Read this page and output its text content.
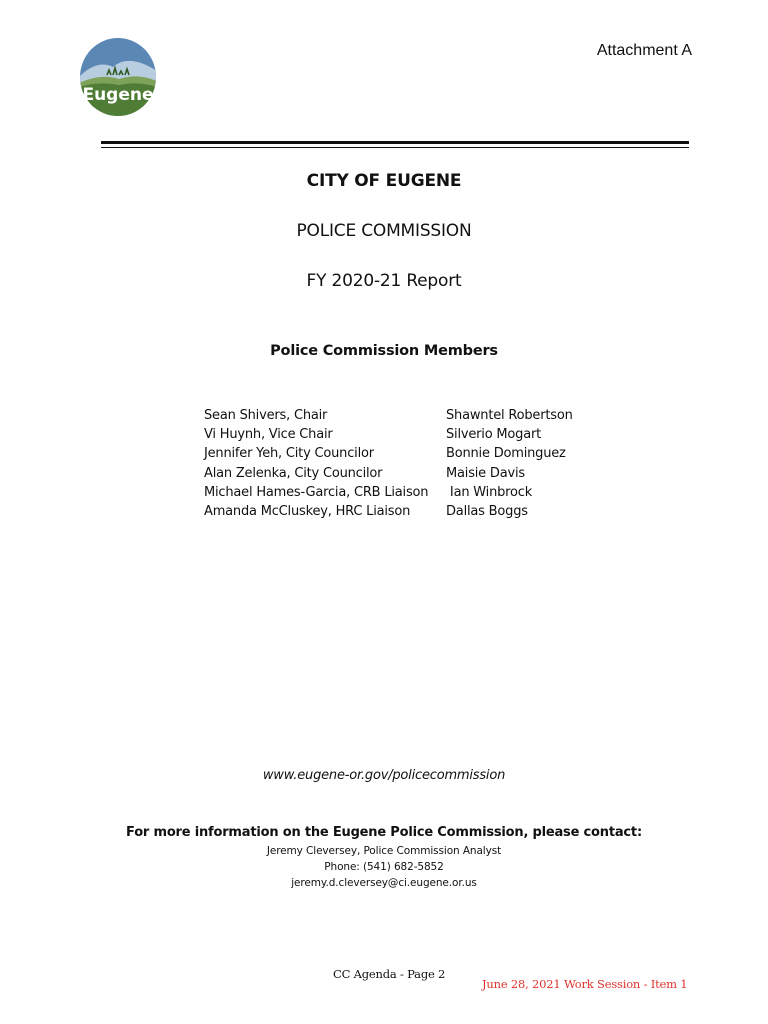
Eugene
Attachment A
CITY OF EUGENE
POLICE COMMISSION
FY 2020-21 Report
Police Commission Members
Sean Shivers, Chair
Vi Huynh, Vice Chair
Jennifer Yeh, City Councilor
Alan Zelenka, City Councilor
Michael Hames-Garcia, CRB Liaison
Amanda McCluskey, HRC Liaison
Shawntel Robertson
Silverio Mogart
Bonnie Dominguez
Maisie Davis
Ian Winbrock
Dallas Boggs
www.eugene-or.gov/policecommission
For more information on the Eugene Police Commission, please contact:
Jeremy Cleversey, Police Commission Analyst
Phone: (541) 682-5852
jeremy.d.cleversey@ci.eugene.or.us
CC Agenda - Page 2
June 28, 2021 Work Session - Item 1
